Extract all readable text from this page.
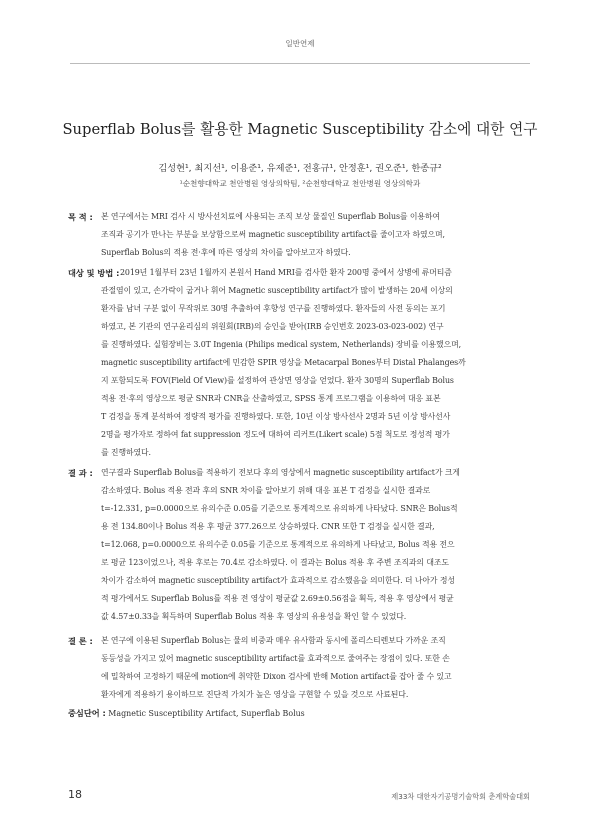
일반연제
Superflab Bolus를 활용한 Magnetic Susceptibility 감소에 대한 연구
김성현¹, 최지선¹, 이용준¹, 유제준¹, 전홍규¹, 안정훈¹, 권오준¹, 한종규²
¹순천향대학교 천안병원 영상의학팀, ²순천향대학교 천안병원 영상의학과
목 적 :	본 연구에서는 MRI 검사 시 방사선치료에 사용되는 조직 보상 물질인 Superflab Bolus를 이용하여
조직과 공기가 만나는 부분을 보상함으로써 magnetic susceptibility artifact를 줄이고자 하였으며,
Superflab Bolus의 적용 전·후에 따른 영상의 차이를 알아보고자 하였다.

대상 및 방법 : 2019년 1월부터 23년 1월까지 본원서 Hand MRI를 검사한 환자 200명 중에서 상병에 류머티즘
관절염이 있고, 손가락이 굽거나 휘어 Magnetic susceptibility artifact가 많이 발생하는 20세 이상의
환자를 남녀 구분 없이 무작위로 30명 추출하여 후향성 연구를 진행하였다. 환자들의 사전 동의는 포기
하였고, 본 기관의 연구윤리심의 위원회(IRB)의 승인을 받아(IRB 승인번호 2023-03-023-002) 연구
를 진행하였다. 실험장비는 3.0T Ingenia (Philips medical system, Netherlands) 장비를 이용했으며,
magnetic susceptibility artifact에 민감한 SPIR 영상을 Metacarpal Bones부터 Distal Phalanges까
지 포함되도록 FOV(Field Of View)를 설정하여 관상면 영상을 얻었다. 환자 30명의 Superflab Bolus
적용 전·후의 영상으로 평균 SNR과 CNR을 산출하였고, SPSS 통계 프로그램을 이용하여 대응 표본
T 검정을 통계 분석하여 정량적 평가를 진행하였다. 또한, 10년 이상 방사선사 2명과 5년 이상 방사선사
2명을 평가자로 정하여 fat suppression 정도에 대하여 리커트(Likert scale) 5점 척도로 정성적 평가
를 진행하였다.

결 과 :	연구결과 Superflab Bolus를 적용하기 전보다 후의 영상에서 magnetic susceptibility artifact가 크게
감소하였다. Bolus 적용 전과 후의 SNR 차이를 알아보기 위해 대응 표본 T 검정을 실시한 결과로
t=-12.331, p=0.0000으로 유의수준 0.05를 기준으로 통계적으로 유의하게 나타났다. SNR은 Bolus적
용 전 134.80이나 Bolus 적용 후 평균 377.26으로 상승하였다. CNR 또한 T 검정을 실시한 결과,
t=12.068, p=0.0000으로 유의수준 0.05를 기준으로 통계적으로 유의하게 나타났고, Bolus 적용 전으
로 평균 123이었으나, 적용 후로는 70.4로 감소하였다. 이 결과는 Bolus 적용 후 주변 조직과의 대조도
차이가 감소하여 magnetic susceptibility artifact가 효과적으로 감소했음을 의미한다. 더 나아가 정성
적 평가에서도 Superflab Bolus를 적용 전 영상이 평균값 2.69±0.56점을 획득, 적용 후 영상에서 평균
값 4.57±0.33을 획득하며 Superflab Bolus 적용 후 영상의 유용성을 확인 할 수 있었다.

결 론 :	본 연구에 이용된 Superflab Bolus는 물의 비중과 매우 유사함과 동시에 폴리스티렌보다 가까운 조직
동등성을 가지고 있어 magnetic susceptibility artifact를 효과적으로 줄여주는 장점이 있다. 또한 손
에 밀착하여 고정하기 때문에 motion에 취약한 Dixon 검사에 반해 Motion artifact를 잡아 줄 수 있고
환자에게 적용하기 용이하므로 진단적 가치가 높은 영상을 구현할 수 있을 것으로 사료된다.

중심단어 : Magnetic Susceptibility Artifact, Superflab Bolus
18	제33차 대한자기공명기술학회 춘계학술대회
